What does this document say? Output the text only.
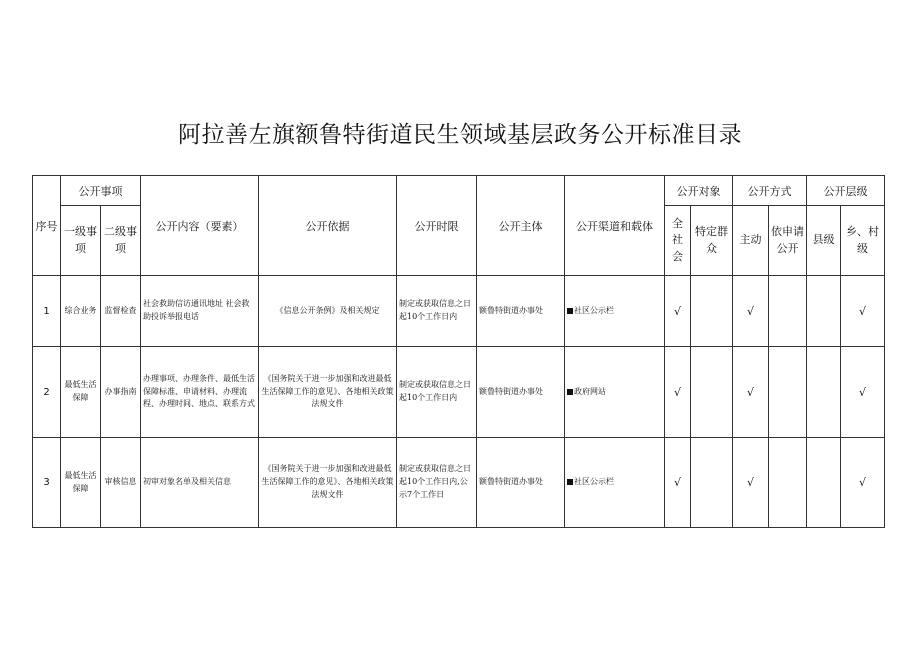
阿拉善左旗额鲁特街道民生领域基层政务公开标准目录
序号	公开事项		公开内容（要素）	公开依据	公开时限	公开主体	公开渠道和载体	公开对象		公开方式		公开层级	
	一级事项	二级事项						全社会	特定群众	主动	依申请公开	县级	乡、村级

1	综合业务	监督检查	社会救助信访通讯地址 社会救助投诉举报电话	《信息公开条例》及相关规定	制定或获取信息之日起10个工作日内	额鲁特街道办事处	社区公示栏	√		√			√
2	最低生活保障	办事指南	办理事项、办理条件、最低生活保障标准、申请材料、办理流程、办理时间、地点、联系方式	《国务院关于进一步加强和改进最低生活保障工作的意见》、各地相关政策法规文件	制定或获取信息之日起10个工作日内	额鲁特街道办事处	政府网站	√		√			√
3	最低生活保障	审核信息	初审对象名单及相关信息	《国务院关于进一步加强和改进最低生活保障工作的意见》、各地相关政策法规文件	制定或获取信息之日起10个工作日内,公示7个工作日	额鲁特街道办事处	社区公示栏	√		√			√
